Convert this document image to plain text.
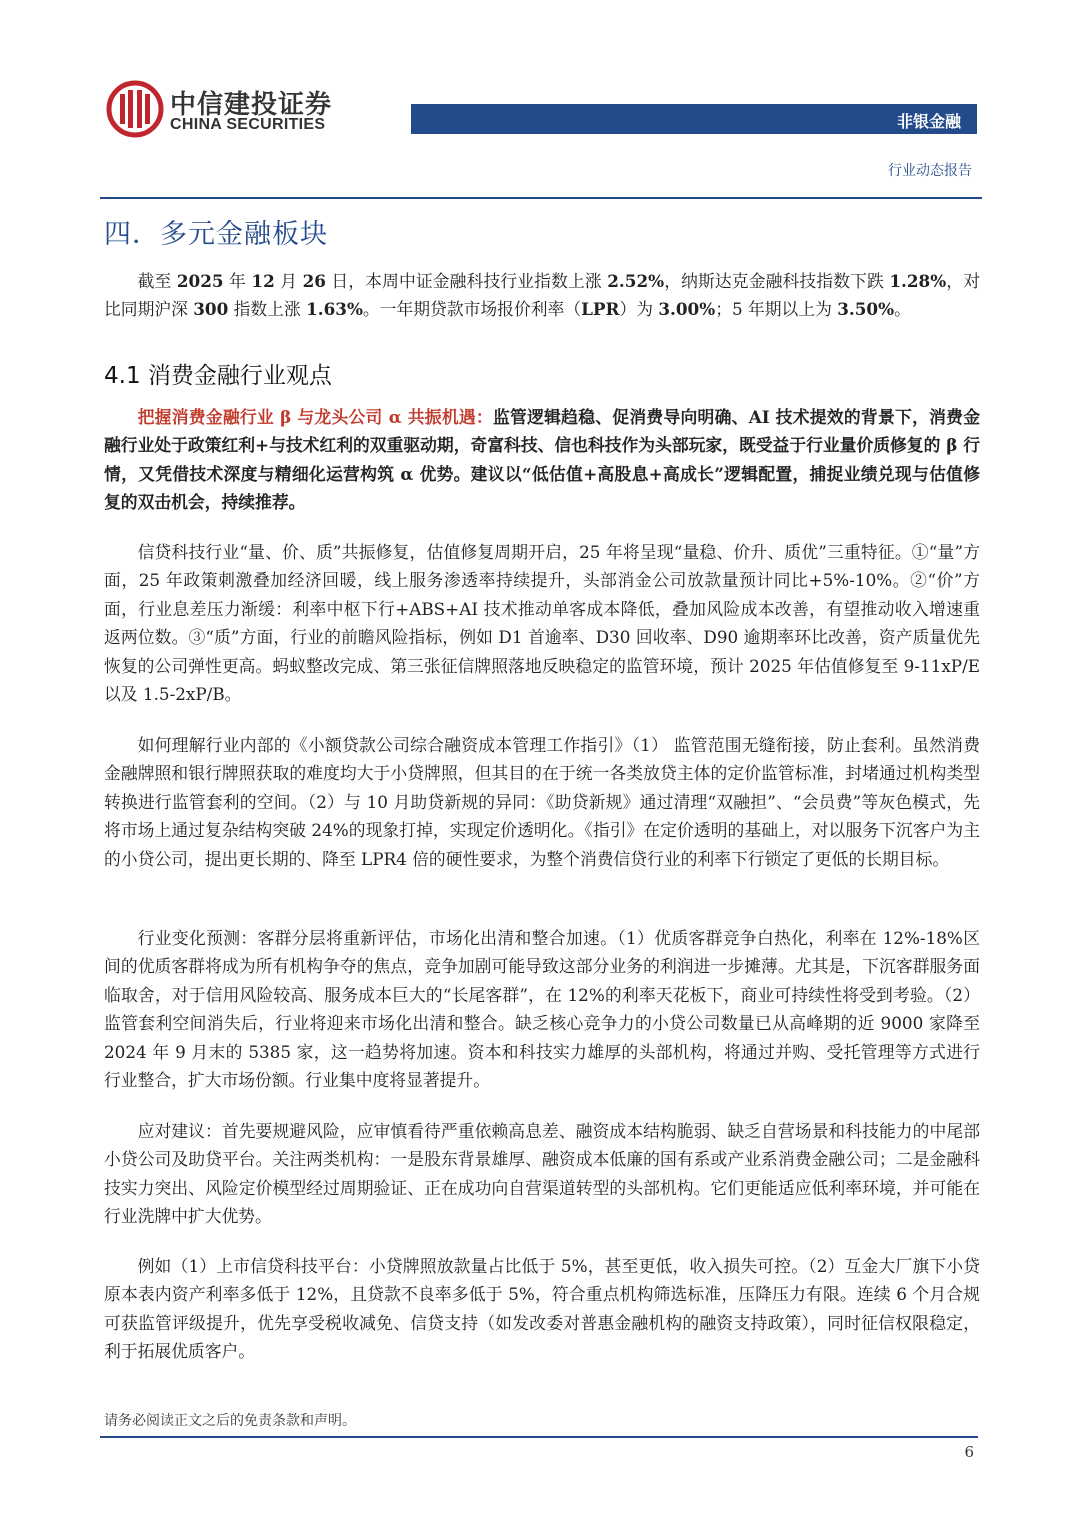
中信建投证券
CHINA SECURITIES	非银金融
行业动态报告
四．多元金融板块

截至 2025 年 12 月 26 日，本周中证金融科技行业指数上涨 2.52%，纳斯达克金融科技指数下跌 1.28%，对比同期沪深 300 指数上涨 1.63%。一年期贷款市场报价利率（LPR）为 3.00%；5 年期以上为 3.50%。

4.1 消费金融行业观点

把握消费金融行业 β 与龙头公司 α 共振机遇：监管逻辑趋稳、促消费导向明确、AI 技术提效的背景下，消费金融行业处于政策红利+与技术红利的双重驱动期，奇富科技、信也科技作为头部玩家，既受益于行业量价质修复的 β 行情，又凭借技术深度与精细化运营构筑 α 优势。建议以“低估值+高股息+高成长”逻辑配置，捕捉业绩兑现与估值修复的双击机会，持续推荐。

信贷科技行业“量、价、质”共振修复，估值修复周期开启，25 年将呈现“量稳、价升、质优”三重特征。①“量”方面，25 年政策刺激叠加经济回暖，线上服务渗透率持续提升，头部消金公司放款量预计同比+5%-10%。②“价”方面，行业息差压力渐缓：利率中枢下行+ABS+AI 技术推动单客成本降低，叠加风险成本改善，有望推动收入增速重返两位数。③“质”方面，行业的前瞻风险指标，例如 D1 首逾率、D30 回收率、D90 逾期率环比改善，资产质量优先恢复的公司弹性更高。蚂蚁整改完成、第三张征信牌照落地反映稳定的监管环境，预计 2025 年估值修复至 9-11xP/E 以及 1.5-2xP/B。

如何理解行业内部的《小额贷款公司综合融资成本管理工作指引》（1） 监管范围无缝衔接，防止套利。虽然消费金融牌照和银行牌照获取的难度均大于小贷牌照，但其目的在于统一各类放贷主体的定价监管标准，封堵通过机构类型转换进行监管套利的空间。（2）与 10 月助贷新规的异同：《助贷新规》通过清理“双融担”、“会员费”等灰色模式，先将市场上通过复杂结构突破 24%的现象打掉，实现定价透明化。《指引》在定价透明的基础上，对以服务下沉客户为主的小贷公司，提出更长期的、降至 LPR4 倍的硬性要求，为整个消费信贷行业的利率下行锁定了更低的长期目标。

行业变化预测：客群分层将重新评估，市场化出清和整合加速。（1）优质客群竞争白热化，利率在 12%-18%区间的优质客群将成为所有机构争夺的焦点，竞争加剧可能导致这部分业务的利润进一步摊薄。尤其是，下沉客群服务面临取舍，对于信用风险较高、服务成本巨大的“长尾客群”，在 12%的利率天花板下，商业可持续性将受到考验。（2）监管套利空间消失后，行业将迎来市场化出清和整合。缺乏核心竞争力的小贷公司数量已从高峰期的近 9000 家降至 2024 年 9 月末的 5385 家，这一趋势将加速。资本和科技实力雄厚的头部机构，将通过并购、受托管理等方式进行行业整合，扩大市场份额。行业集中度将显著提升。

应对建议：首先要规避风险，应审慎看待严重依赖高息差、融资成本结构脆弱、缺乏自营场景和科技能力的中尾部小贷公司及助贷平台。关注两类机构：一是股东背景雄厚、融资成本低廉的国有系或产业系消费金融公司；二是金融科技实力突出、风险定价模型经过周期验证、正在成功向自营渠道转型的头部机构。它们更能适应低利率环境，并可能在行业洗牌中扩大优势。

例如（1）上市信贷科技平台：小贷牌照放款量占比低于 5%，甚至更低，收入损失可控。（2）互金大厂旗下小贷原本表内资产利率多低于 12%，且贷款不良率多低于 5%，符合重点机构筛选标准，压降压力有限。连续 6 个月合规可获监管评级提升，优先享受税收减免、信贷支持（如发改委对普惠金融机构的融资支持政策），同时征信权限稳定，利于拓展优质客户。

请务必阅读正文之后的免责条款和声明。
6
